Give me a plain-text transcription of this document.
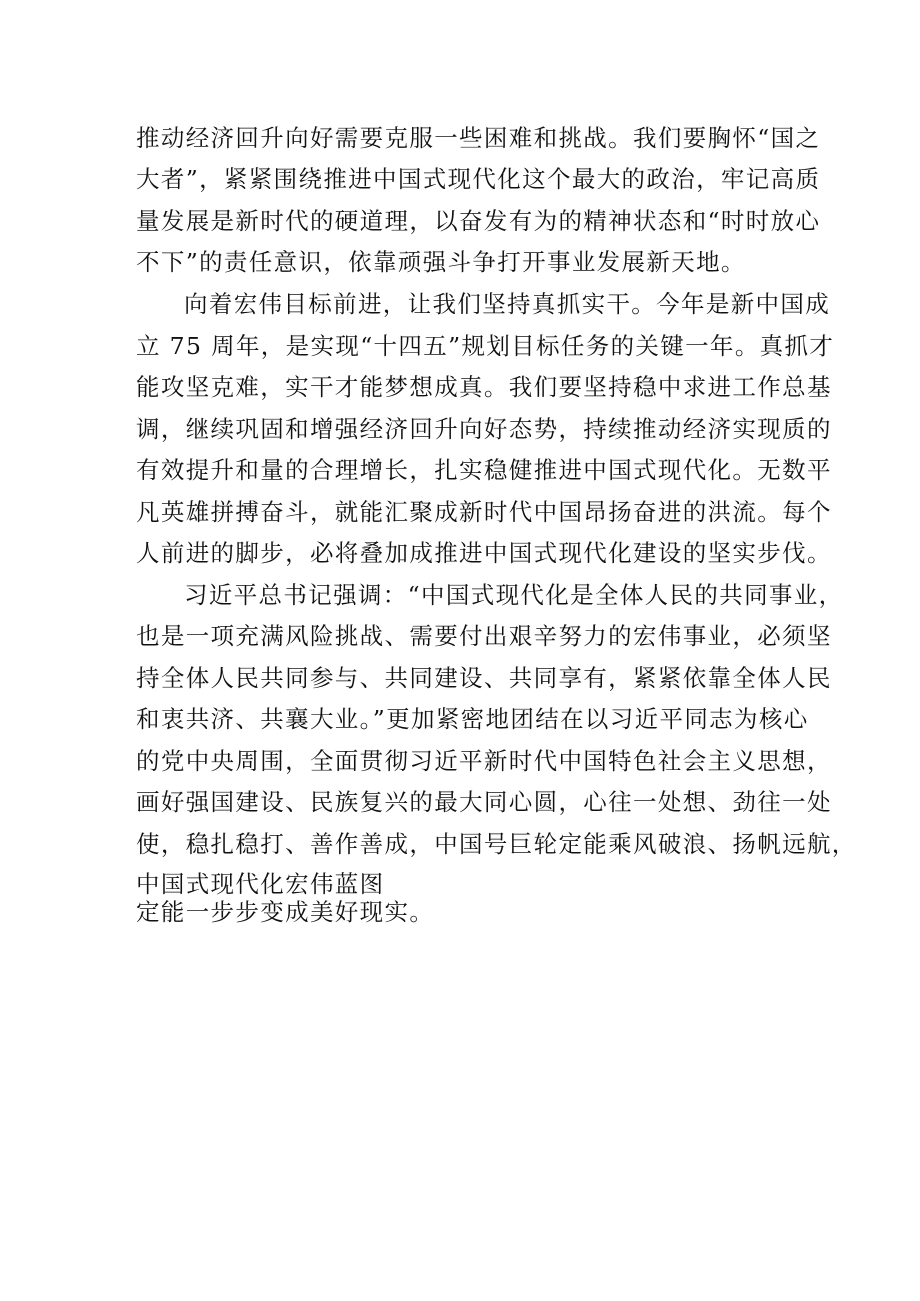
推动经济回升向好需要克服一些困难和挑战。我们要胸怀“国之
大者”，紧紧围绕推进中国式现代化这个最大的政治，牢记高质
量发展是新时代的硬道理，以奋发有为的精神状态和“时时放心
不下”的责任意识，依靠顽强斗争打开事业发展新天地。
向着宏伟目标前进，让我们坚持真抓实干。今年是新中国成
立 75 周年，是实现“十四五”规划目标任务的关键一年。真抓才
能攻坚克难，实干才能梦想成真。我们要坚持稳中求进工作总基
调，继续巩固和增强经济回升向好态势，持续推动经济实现质的
有效提升和量的合理增长，扎实稳健推进中国式现代化。无数平
凡英雄拼搏奋斗，就能汇聚成新时代中国昂扬奋进的洪流。每个
人前进的脚步，必将叠加成推进中国式现代化建设的坚实步伐。
习近平总书记强调：“中国式现代化是全体人民的共同事业，
也是一项充满风险挑战、需要付出艰辛努力的宏伟事业，必须坚
持全体人民共同参与、共同建设、共同享有，紧紧依靠全体人民
和衷共济、共襄大业。”更加紧密地团结在以习近平同志为核心
的党中央周围，全面贯彻习近平新时代中国特色社会主义思想，
画好强国建设、民族复兴的最大同心圆，心往一处想、劲往一处
使，稳扎稳打、善作善成，中国号巨轮定能乘风破浪、扬帆远航，
中国式现代化宏伟蓝图
定能一步步变成美好现实。
